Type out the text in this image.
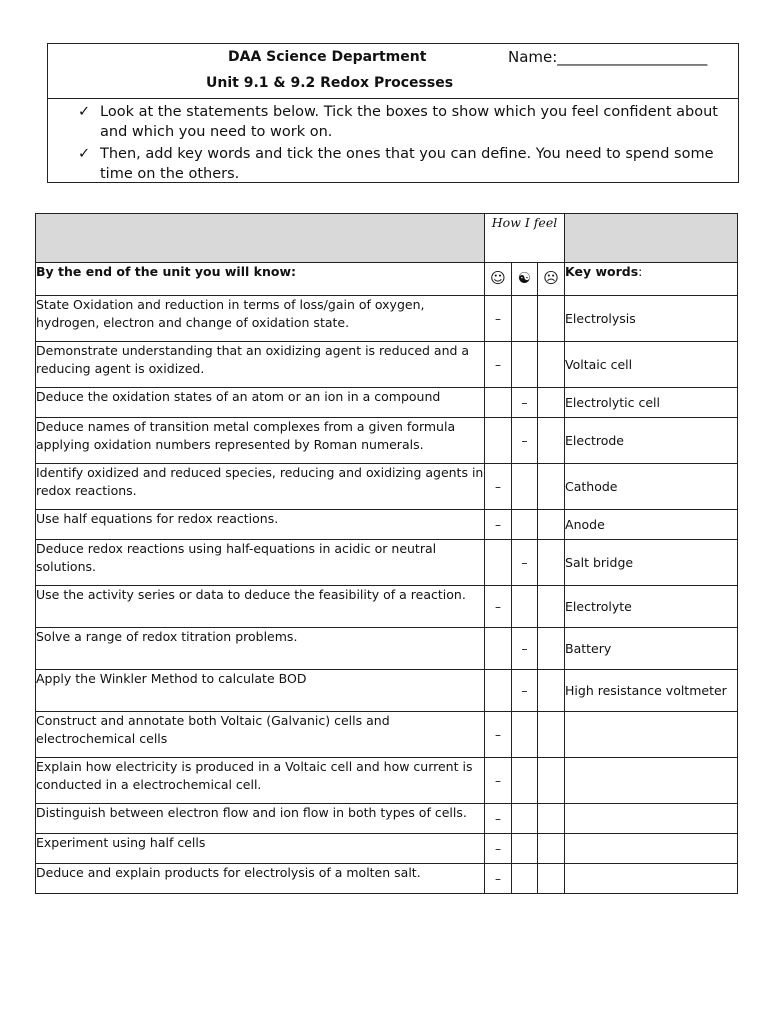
DAA Science Department	Name:____________________
Unit 9.1 & 9.2 Redox Processes
✓ Look at the statements below. Tick the boxes to show which you feel confident about and which you need to work on.
✓ Then, add key words and tick the ones that you can define. You need to spend some time on the others.
	How I feel			
By the end of the unit you will know:	☺	☯	☹	Key words:
State Oxidation and reduction in terms of loss/gain of oxygen, hydrogen, electron and change of oxidation state.	–			Electrolysis
Demonstrate understanding that an oxidizing agent is reduced and a reducing agent is oxidized.	–			Voltaic cell
Deduce the oxidation states of an atom or an ion in a compound		–		Electrolytic cell
Deduce names of transition metal complexes from a given formula applying oxidation numbers represented by Roman numerals.		–		Electrode
Identify oxidized and reduced species, reducing and oxidizing agents in redox reactions.	–			Cathode
Use half equations for redox reactions.	–			Anode
Deduce redox reactions using half-equations in acidic or neutral solutions.		–		Salt bridge
Use the activity series or data to deduce the feasibility of a reaction.	–			Electrolyte
Solve a range of redox titration problems.		–		Battery
Apply the Winkler Method to calculate BOD		–		High resistance voltmeter
Construct and annotate both Voltaic (Galvanic) cells and electrochemical cells	–			

Explain how electricity is produced in a Voltaic cell and how current is conducted in a electrochemical cell.	–			

Distinguish between electron flow and ion flow in both types of cells.	–			

Experiment using half cells	–			

Deduce and explain products for electrolysis of a molten salt.	–			
